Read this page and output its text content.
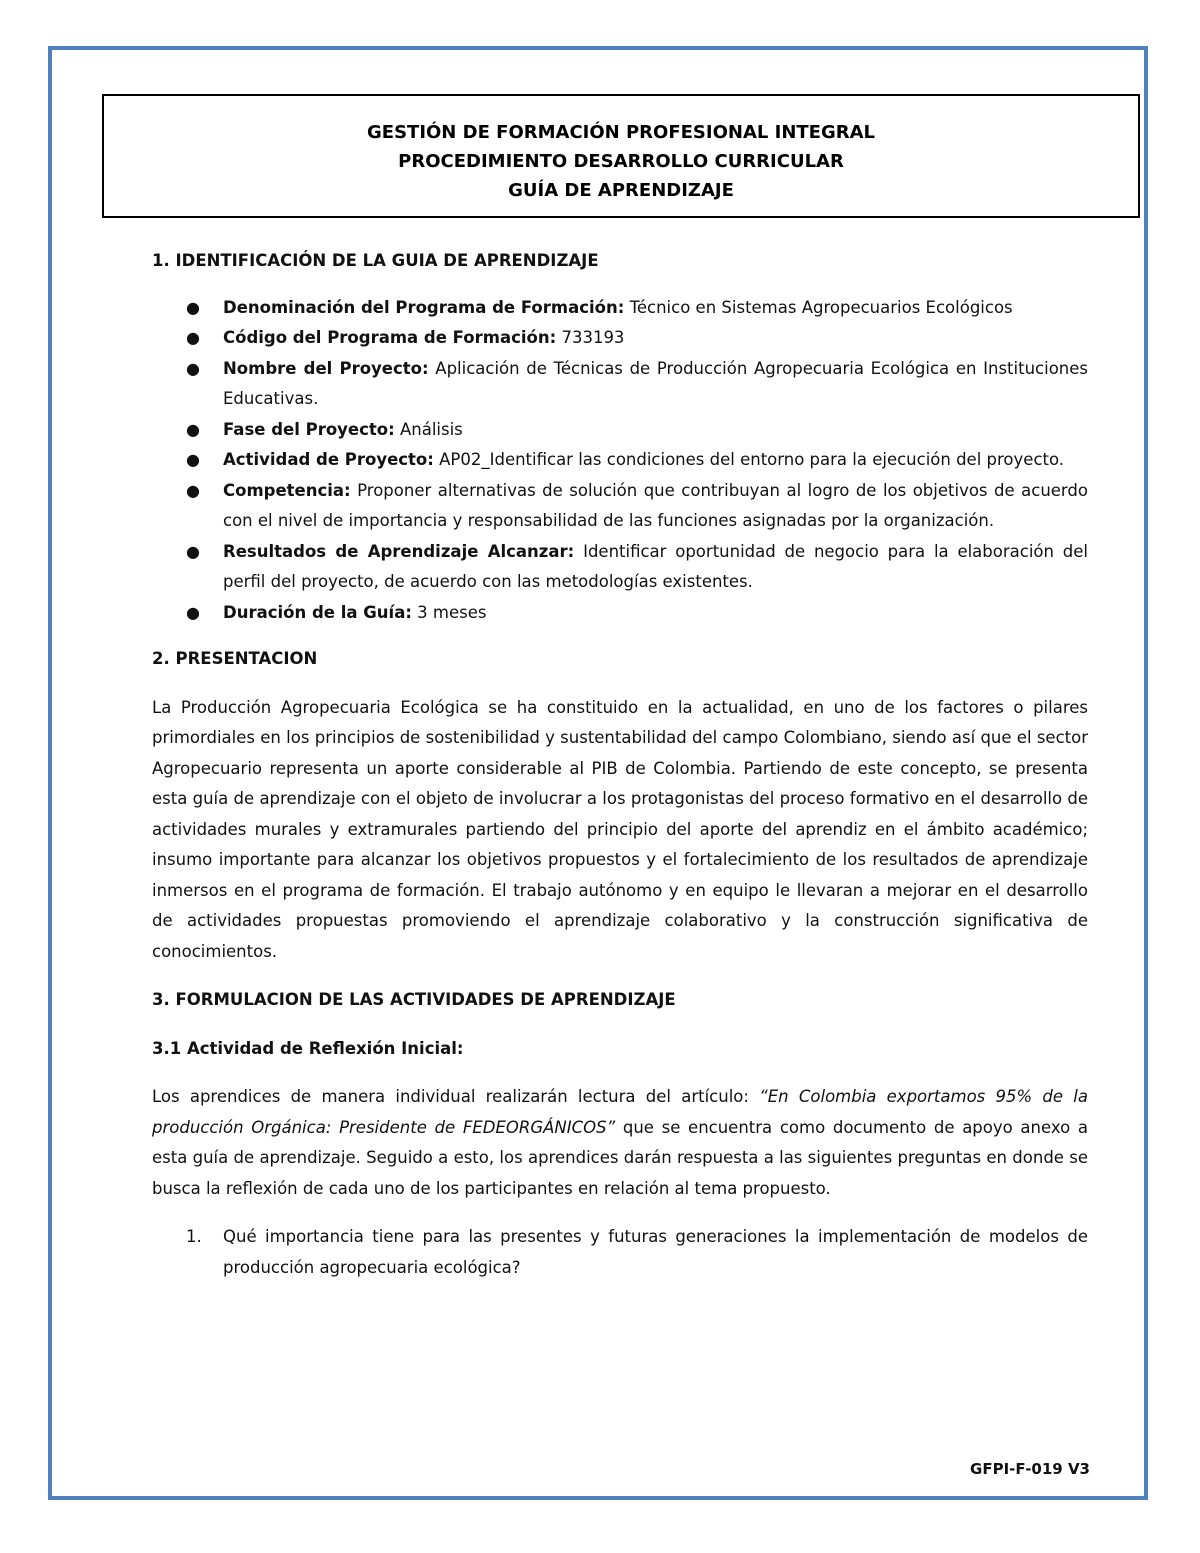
GESTIÓN DE FORMACIÓN PROFESIONAL INTEGRAL
PROCEDIMIENTO DESARROLLO CURRICULAR
GUÍA DE APRENDIZAJE

1. IDENTIFICACIÓN DE LA GUIA DE APRENDIZAJE

● Denominación del Programa de Formación: Técnico en Sistemas Agropecuarios Ecológicos
● Código del Programa de Formación: 733193
● Nombre del Proyecto: Aplicación de Técnicas de Producción Agropecuaria Ecológica en Instituciones Educativas.
● Fase del Proyecto: Análisis
● Actividad de Proyecto: AP02_Identificar las condiciones del entorno para la ejecución del proyecto.
● Competencia: Proponer alternativas de solución que contribuyan al logro de los objetivos de acuerdo con el nivel de importancia y responsabilidad de las funciones asignadas por la organización.
● Resultados de Aprendizaje Alcanzar: Identificar oportunidad de negocio para la elaboración del perfil del proyecto, de acuerdo con las metodologías existentes.
● Duración de la Guía: 3 meses

2. PRESENTACION

La Producción Agropecuaria Ecológica se ha constituido en la actualidad, en uno de los factores o pilares primordiales en los principios de sostenibilidad y sustentabilidad del campo Colombiano, siendo así que el sector Agropecuario representa un aporte considerable al PIB de Colombia. Partiendo de este concepto, se presenta esta guía de aprendizaje con el objeto de involucrar a los protagonistas del proceso formativo en el desarrollo de actividades murales y extramurales partiendo del principio del aporte del aprendiz en el ámbito académico; insumo importante para alcanzar los objetivos propuestos y el fortalecimiento de los resultados de aprendizaje inmersos en el programa de formación. El trabajo autónomo y en equipo le llevaran a mejorar en el desarrollo de actividades propuestas promoviendo el aprendizaje colaborativo y la construcción significativa de conocimientos.

3. FORMULACION DE LAS ACTIVIDADES DE APRENDIZAJE

3.1 Actividad de Reflexión Inicial:

Los aprendices de manera individual realizarán lectura del artículo: “En Colombia exportamos 95% de la producción Orgánica: Presidente de FEDEORGÁNICOS” que se encuentra como documento de apoyo anexo a esta guía de aprendizaje. Seguido a esto, los aprendices darán respuesta a las siguientes preguntas en donde se busca la reflexión de cada uno de los participantes en relación al tema propuesto.

1. Qué importancia tiene para las presentes y futuras generaciones la implementación de modelos de producción agropecuaria ecológica?
GFPI-F-019 V3
